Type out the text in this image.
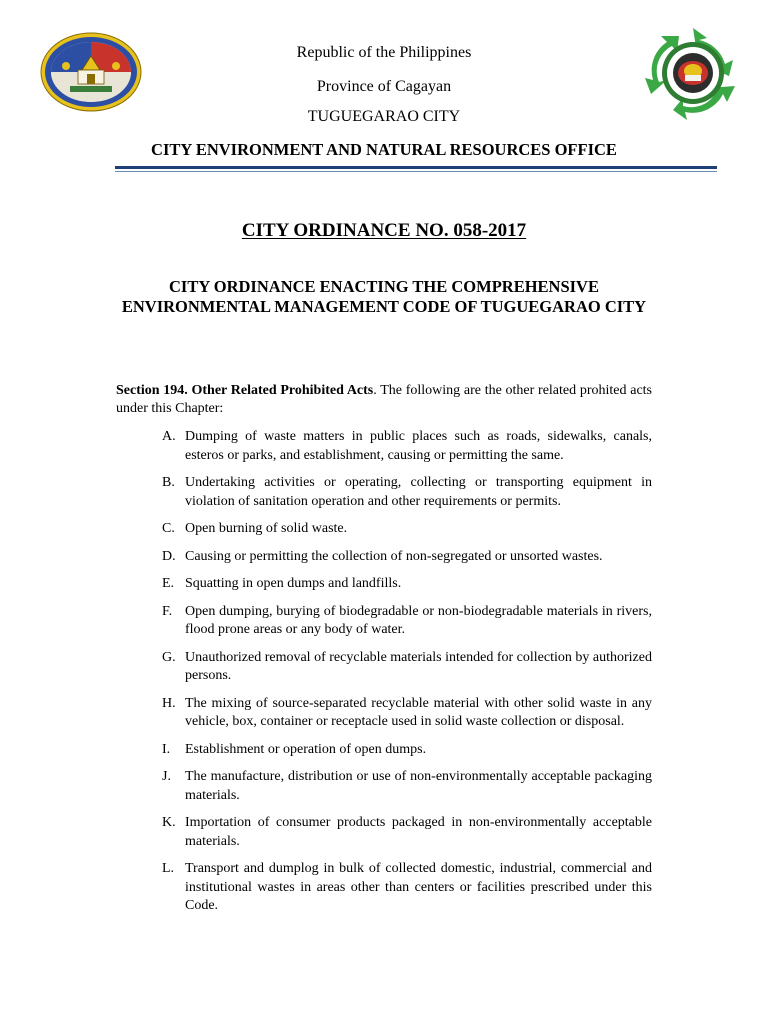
Republic of the Philippines
Province of Cagayan
TUGUEGARAO CITY
CITY ENVIRONMENT AND NATURAL RESOURCES OFFICE
CITY ORDINANCE NO. 058-2017
CITY ORDINANCE ENACTING THE COMPREHENSIVE ENVIRONMENTAL MANAGEMENT CODE OF TUGUEGARAO CITY
Section 194. Other Related Prohibited Acts. The following are the other related prohited acts under this Chapter:
A. Dumping of waste matters in public places such as roads, sidewalks, canals, esteros or parks, and establishment, causing or permitting the same.
B. Undertaking activities or operating, collecting or transporting equipment in violation of sanitation operation and other requirements or permits.
C. Open burning of solid waste.
D. Causing or permitting the collection of non-segregated or unsorted wastes.
E. Squatting in open dumps and landfills.
F. Open dumping, burying of biodegradable or non-biodegradable materials in rivers, flood prone areas or any body of water.
G. Unauthorized removal of recyclable materials intended for collection by authorized persons.
H. The mixing of source-separated recyclable material with other solid waste in any vehicle, box, container or receptacle used in solid waste collection or disposal.
I. Establishment or operation of open dumps.
J. The manufacture, distribution or use of non-environmentally acceptable packaging materials.
K. Importation of consumer products packaged in non-environmentally acceptable materials.
L. Transport and dumplog in bulk of collected domestic, industrial, commercial and institutional wastes in areas other than centers or facilities prescribed under this Code.
